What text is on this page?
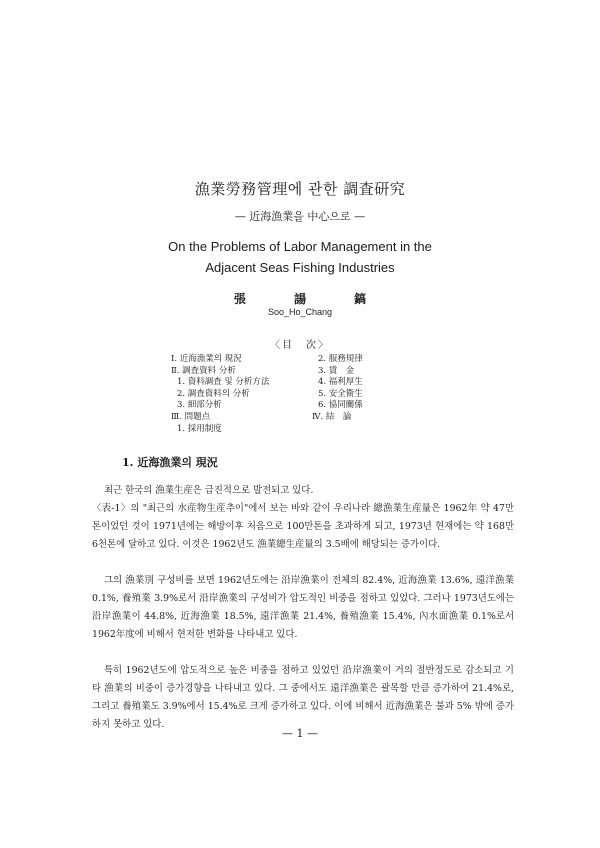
漁業勞務管理에 관한 調査研究
— 近海漁業을 中心으로 —
On the Problems of Labor Management in the
Adjacent Seas Fishing Industries
張 諹 鎬
Soo_Ho_Chang
〈目　次〉
Ⅰ. 近海漁業의 現況
Ⅱ. 調査資料 分析
1. 資料調査 및 分析方法
2. 調査資料의 分析
3. 細部分析
Ⅲ. 問題点
1. 採用制度
2. 服務規律
3. 賃　金
4. 福利厚生
5. 安全衛生
6. 協同關係
Ⅳ. 結　論
1. 近海漁業의 現況

최근 한국의 漁業生産은 급진적으로 발전되고 있다.

〈表-1〉의 "최근의 水産物生産추이"에서 보는 바와 같이 우리나라 總漁業生産量은 1962年 약 47만톤이었던 것이 1971년에는 해방이후 처음으로 100만톤을 초과하게 되고, 1973년 현재에는 약 168만 6천톤에 달하고 있다. 이것은 1962년도 漁業總生産量의 3.5배에 해당되는 증가이다.

그의 漁業別 구성비를 보면 1962년도에는 沿岸漁業이 전체의 82.4%, 近海漁業 13.6%, 遠洋漁業 0.1%, 養殖業 3.9%로서 沿岸漁業의 구성비가 압도적인 비중을 점하고 있었다. 그러나 1973년도에는 沿岸漁業이 44.8%, 近海漁業 18.5%, 遠洋漁業 21.4%, 養殖漁業 15.4%, 內水面漁業 0.1%로서 1962年度에 비해서 현저한 변화를 나타내고 있다.

특히 1962년도에 압도적으로 높은 비중을 점하고 있었던 沿岸漁業이 거의 절반정도로 감소되고 기타 漁業의 비중이 증가경향을 나타내고 있다. 그 중에서도 遠洋漁業은 괄목할 만큼 증가하여 21.4%로, 그리고 養殖業도 3.9%에서 15.4%로 크게 증가하고 있다. 이에 비해서 近海漁業은 불과 5% 밖에 증가하지 못하고 있다.

— 1 —
